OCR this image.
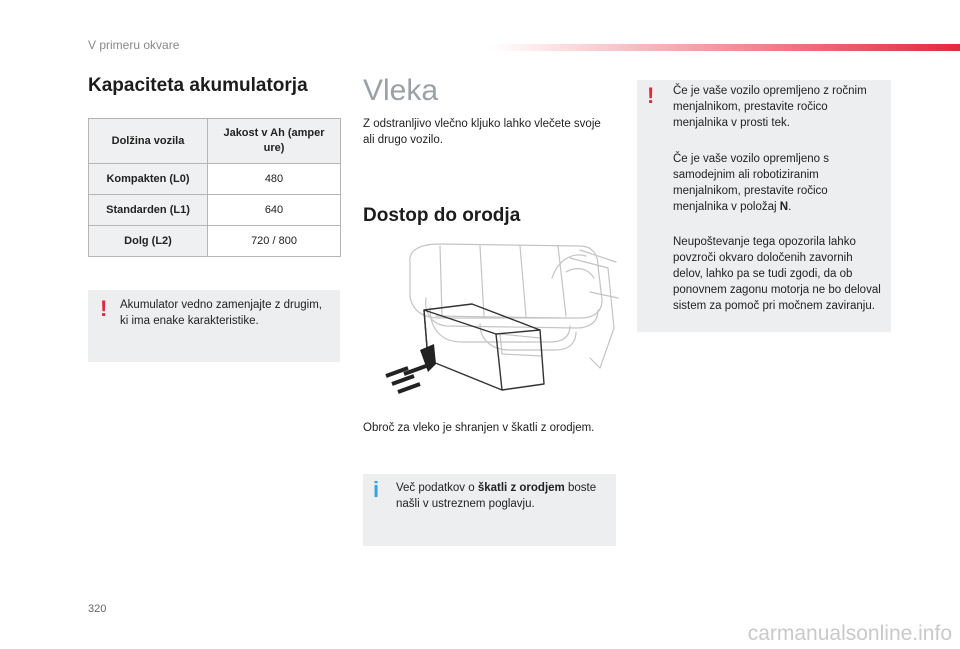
V primeru okvare
Kapaciteta akumulatorja
Dolžina vozila	Jakost v Ah (amper ure)
Kompakten (L0)	480
Standarden (L1)	640
Dolg (L2)	720 / 800
! Akumulator vedno zamenjajte z drugim, ki ima enake karakteristike.
Vleka
Z odstranljivo vlečno kljuko lahko vlečete svoje ali drugo vozilo.
Dostop do orodja
Obroč za vleko je shranjen v škatli z orodjem.
i Več podatkov o škatli z orodjem boste našli v ustreznem poglavju.
! Če je vaše vozilo opremljeno z ročnim menjalnikom, prestavite ročico menjalnika v prosti tek.

Če je vaše vozilo opremljeno s samodejnim ali robotiziranim menjalnikom, prestavite ročico menjalnika v položaj N.

Neupoštevanje tega opozorila lahko povzroči okvaro določenih zavornih delov, lahko pa se tudi zgodi, da ob ponovnem zagonu motorja ne bo deloval sistem za pomoč pri močnem zaviranju.

320
carmanualsonline.info
